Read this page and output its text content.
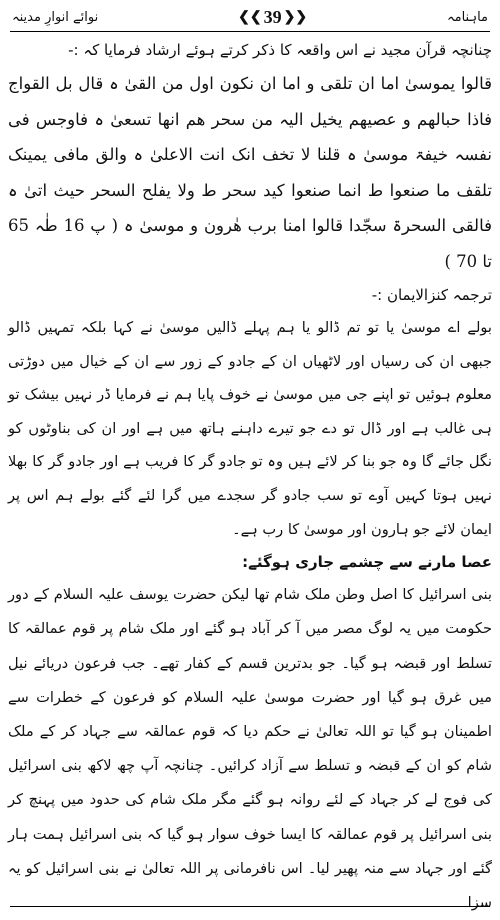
نوائے انوارِ مدینہ	❮❮ 39 ❯❯	ماہنامہ

چنانچہ قرآن مجید نے اس واقعہ کا ذکر کرتے ہوئے ارشاد فرمایا کہ :-

قالوا یموسیٰ اما ان تلقی و اما ان نکون اول من القیٰ ہ قال بل القواج فاذا حبالھم و عصیھم یخیل الیہ من سحر ھم انھا تسعیٰ ہ فاوجس فی نفسہ خیفۃ موسیٰ ہ قلنا لا تخف انک انت الاعلیٰ ہ والق مافی یمینک تلقف ما صنعوا ط انما صنعوا کید سحر ط ولا یفلح السحر حیث اتیٰ ہ فالقی السحرۃ سجّدا قالوا امنا برب ھٰرون و موسیٰ ہ ( پ 16 طٰہ 65 تا 70 )

ترجمہ کنزالایمان :-

بولے اے موسیٰ یا تو تم ڈالو یا ہم پہلے ڈالیں موسیٰ نے کہا بلکہ تمہیں ڈالو جبھی ان کی رسیاں اور لاٹھیاں ان کے جادو کے زور سے ان کے خیال میں دوڑتی معلوم ہوئیں تو اپنے جی میں موسیٰ نے خوف پایا ہم نے فرمایا ڈر نہیں بیشک تو ہی غالب ہے اور ڈال تو دے جو تیرے داہنے ہاتھ میں ہے اور ان کی بناوٹوں کو نگل جائے گا وہ جو بنا کر لائے ہیں وہ تو جادو گر کا فریب ہے اور جادو گر کا بھلا نہیں ہوتا کہیں آوے تو سب جادو گر سجدے میں گرا لئے گئے بولے ہم اس پر ایمان لائے جو ہارون اور موسیٰ کا رب ہے۔

عصا مارنے سے چشمے جاری ہوگئے:

بنی اسرائیل کا اصل وطن ملک شام تھا لیکن حضرت یوسف علیہ السلام کے دور حکومت میں یہ لوگ مصر میں آ کر آباد ہو گئے اور ملک شام پر قوم عمالقہ کا تسلط اور قبضہ ہو گیا۔ جو بدترین قسم کے کفار تھے۔ جب فرعون دریائے نیل میں غرق ہو گیا اور حضرت موسیٰ علیہ السلام کو فرعون کے خطرات سے اطمینان ہو گیا تو اللہ تعالیٰ نے حکم دیا کہ قوم عمالقہ سے جہاد کر کے ملک شام کو ان کے قبضہ و تسلط سے آزاد کرائیں۔ چنانچہ آپ چھ لاکھ بنی اسرائیل کی فوج لے کر جہاد کے لئے روانہ ہو گئے مگر ملک شام کی حدود میں پہنچ کر بنی اسرائیل پر قوم عمالقہ کا ایسا خوف سوار ہو گیا کہ بنی اسرائیل ہمت ہار گئے اور جہاد سے منہ پھیر لیا۔ اس نافرمانی پر اللہ تعالیٰ نے بنی اسرائیل کو یہ سزا
